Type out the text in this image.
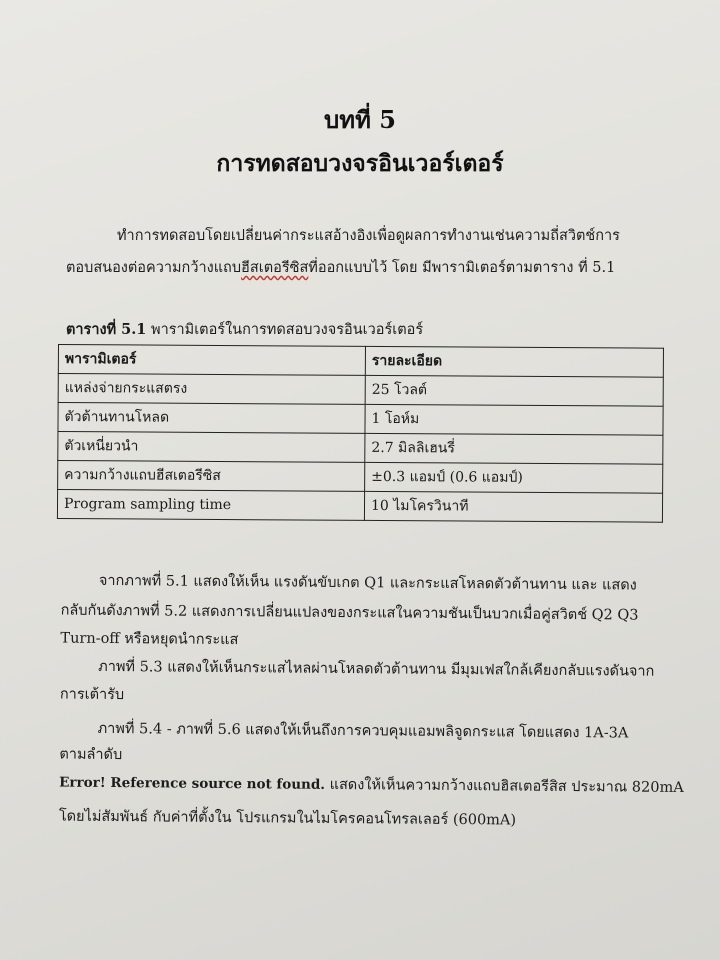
บทที่ 5
การทดสอบวงจรอินเวอร์เตอร์
ทำการทดสอบโดยเปลี่ยนค่ากระแสอ้างอิงเพื่อดูผลการทำงานเช่นความถี่สวิตช์การ
ตอบสนองต่อความกว้างแถบฮีสเตอรีซิสที่ออกแบบไว้ โดย มีพารามิเตอร์ตามตาราง ที่ 5.1
ตารางที่ 5.1 พารามิเตอร์ในการทดสอบวงจรอินเวอร์เตอร์
พารามิเตอร์	รายละเอียด
แหล่งจ่ายกระแสตรง	25 โวลต์
ตัวต้านทานโหลด	1 โอห์ม
ตัวเหนี่ยวนำ	2.7 มิลลิเฮนรี่
ความกว้างแถบฮีสเตอรีซิส	±0.3 แอมป์ (0.6 แอมป์)
Program sampling time	10 ไมโครวินาที
จากภาพที่ 5.1 แสดงให้เห็น แรงดันขับเกต Q1 และกระแสโหลดตัวต้านทาน และ แสดง
กลับกันดังภาพที่ 5.2 แสดงการเปลี่ยนแปลงของกระแสในความชันเป็นบวกเมื่อคู่สวิตช์ Q2 Q3
Turn-off หรือหยุดนำกระแส
ภาพที่ 5.3 แสดงให้เห็นกระแสไหลผ่านโหลดตัวต้านทาน มีมุมเฟสใกล้เคียงกลับแรงดันจาก
การเต้ารับ
ภาพที่ 5.4 - ภาพที่ 5.6 แสดงให้เห็นถึงการควบคุมแอมพลิจูดกระแส โดยแสดง 1A-3A
ตามลำดับ
Error! Reference source not found. แสดงให้เห็นความกว้างแถบฮิสเตอรีสิส ประมาณ 820mA
โดยไม่สัมพันธ์ กับค่าที่ตั้งใน โปรแกรมในไมโครคอนโทรลเลอร์ (600mA)
